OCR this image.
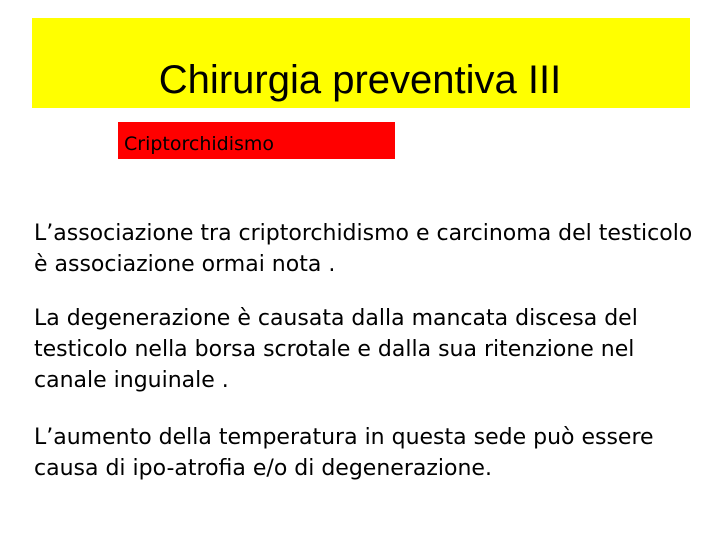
Chirurgia preventiva III
Criptorchidismo

L’associazione tra criptorchidismo e carcinoma del testicolo è associazione ormai nota .

La degenerazione è causata dalla mancata discesa del testicolo nella borsa scrotale e dalla sua ritenzione nel canale inguinale .

L’aumento della temperatura in questa sede può essere causa di ipo-atrofia e/o di degenerazione.
